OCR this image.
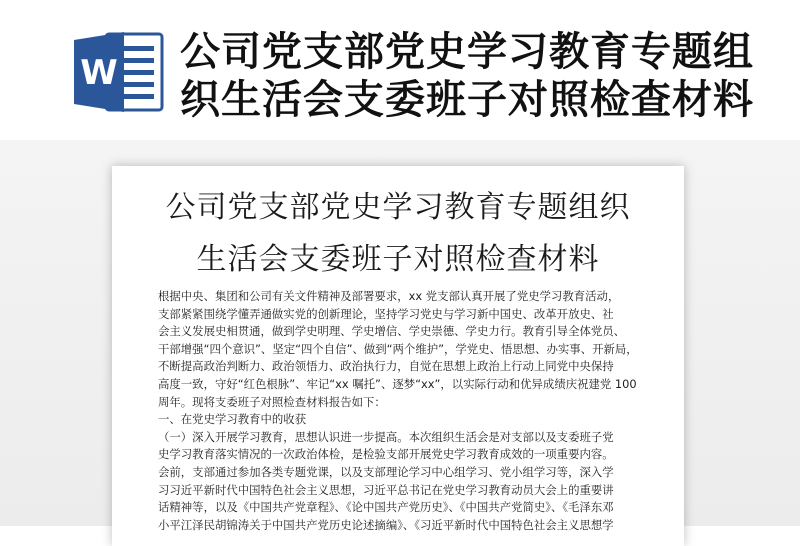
W 公司党支部党史学习教育专题组
织生活会支委班子对照检查材料
公司党支部党史学习教育专题组织
生活会支委班子对照检查材料
根据中央、集团和公司有关文件精神及部署要求，xx 党支部认真开展了党史学习教育活动，
支部紧紧围绕学懂弄通做实党的创新理论，坚持学习党史与学习新中国史、改革开放史、社
会主义发展史相贯通，做到学史明理、学史增信、学史崇德、学史力行。教育引导全体党员、
干部增强“四个意识”、坚定“四个自信”、做到“两个维护”，学党史、悟思想、办实事、开新局，
不断提高政治判断力、政治领悟力、政治执行力，自觉在思想上政治上行动上同党中央保持
高度一致，守好“红色根脉”、牢记“xx 嘱托”、逐梦“xx”，以实际行动和优异成绩庆祝建党 100
周年。现将支委班子对照检查材料报告如下：
一、在党史学习教育中的收获
（一）深入开展学习教育，思想认识进一步提高。本次组织生活会是对支部以及支委班子党
史学习教育落实情况的一次政治体检，是检验支部开展党史学习教育成效的一项重要内容。
会前，支部通过参加各类专题党课，以及支部理论学习中心组学习、党小组学习等，深入学
习习近平新时代中国特色社会主义思想，习近平总书记在党史学习教育动员大会上的重要讲
话精神等，以及《中国共产党章程》、《论中国共产党历史》、《中国共产党简史》、《毛泽东邓
小平江泽民胡锦涛关于中国共产党历史论述摘编》、《习近平新时代中国特色社会主义思想学
